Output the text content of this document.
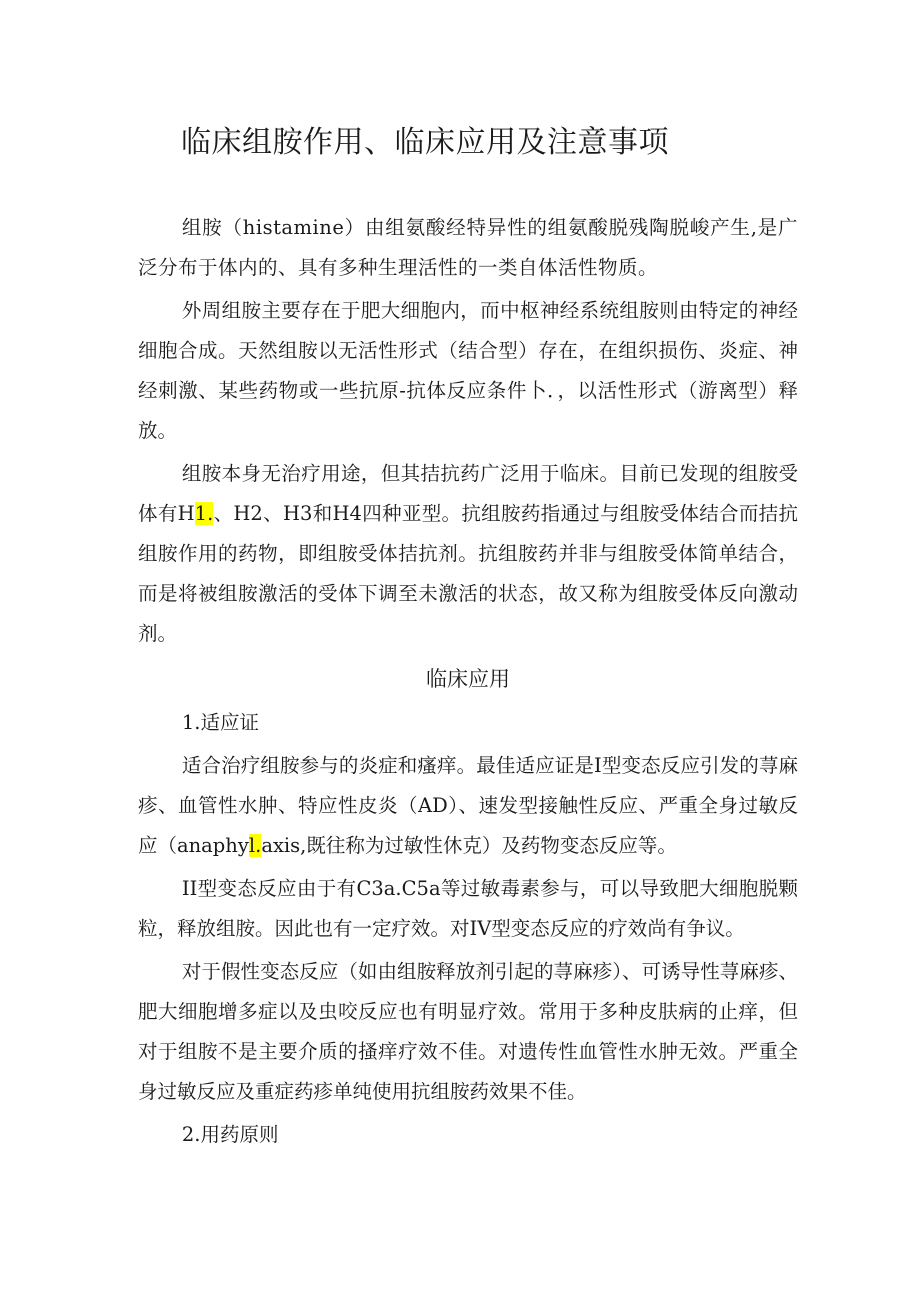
临床组胺作用、临床应用及注意事项

组胺（histamine）由组氨酸经特异性的组氨酸脱残陶脱峻产生,是广泛分布于体内的、具有多种生理活性的一类自体活性物质。

外周组胺主要存在于肥大细胞内，而中枢神经系统组胺则由特定的神经细胞合成。天然组胺以无活性形式（结合型）存在，在组织损伤、炎症、神经刺激、某些药物或一些抗原-抗体反应条件卜．，以活性形式（游离型）释放。

组胺本身无治疗用途，但其拮抗药广泛用于临床。目前已发现的组胺受体有H1.、H2、H3和H4四种亚型。抗组胺药指通过与组胺受体结合而拮抗组胺作用的药物，即组胺受体拮抗剂。抗组胺药并非与组胺受体简单结合，而是将被组胺激活的受体下调至未激活的状态，故又称为组胺受体反向激动剂。

临床应用

1.适应证

适合治疗组胺参与的炎症和瘙痒。最佳适应证是I型变态反应引发的荨麻疹、血管性水肿、特应性皮炎（AD）、速发型接触性反应、严重全身过敏反应（anaphyl.axis,既往称为过敏性休克）及药物变态反应等。

II型变态反应由于有C3a.C5a等过敏毒素参与，可以导致肥大细胞脱颗粒，释放组胺。因此也有一定疗效。对IV型变态反应的疗效尚有争议。

对于假性变态反应（如由组胺释放剂引起的荨麻疹）、可诱导性荨麻疹、肥大细胞增多症以及虫咬反应也有明显疗效。常用于多种皮肤病的止痒，但对于组胺不是主要介质的搔痒疗效不佳。对遗传性血管性水肿无效。严重全身过敏反应及重症药疹单纯使用抗组胺药效果不佳。

2.用药原则
